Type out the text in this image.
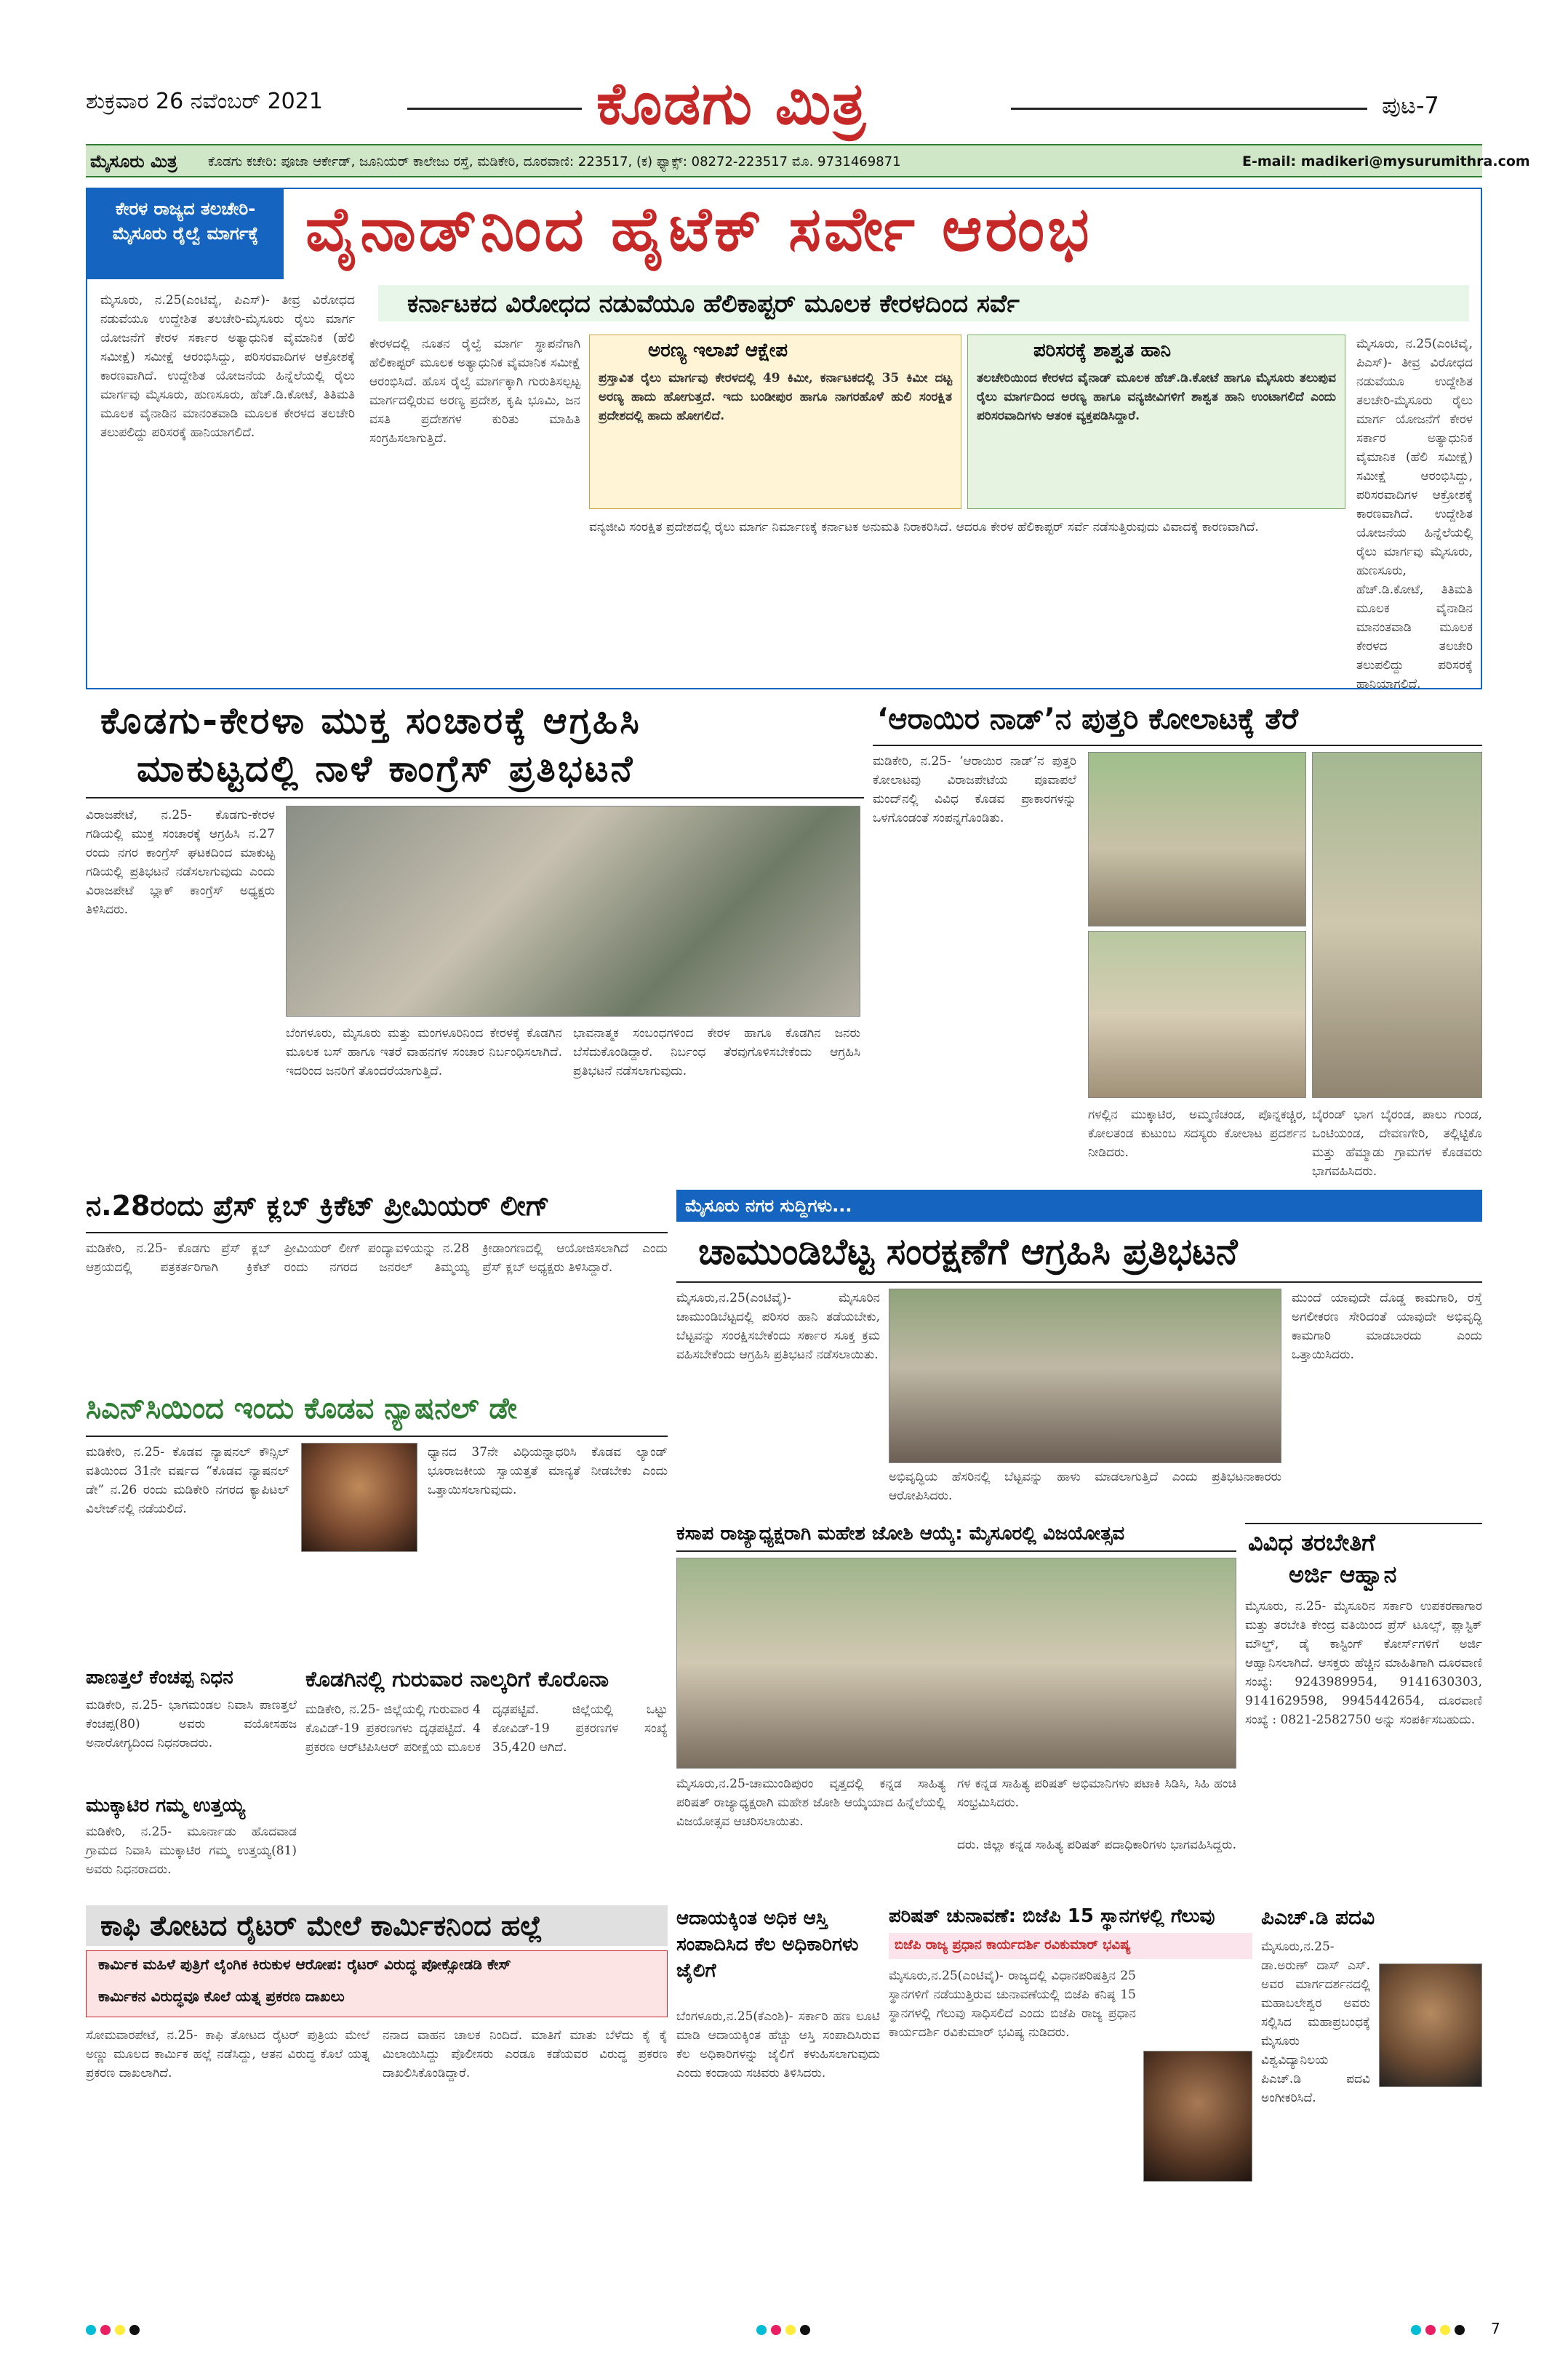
ಶುಕ್ರವಾರ 26 ನವೆಂಬರ್ 2021	ಕೊಡಗು ಮಿತ್ರ	ಪುಟ-7
ಮೈಸೂರು ಮಿತ್ರ ಕೊಡಗು ಕಚೇರಿ: ಪೂಜಾ ಆರ್ಕೇಡ್, ಜೂನಿಯರ್ ಕಾಲೇಜು ರಸ್ತೆ, ಮಡಿಕೇರಿ, ದೂರವಾಣಿ: 223517, (ಕ) ಫ್ಯಾಕ್ಸ್: 08272-223517 ಮೊ. 9731469871	E-mail: madikeri@mysurumithra.com
ಕೇರಳ ರಾಜ್ಯದ ತಲಚೇರಿ-ಮೈಸೂರು ರೈಲ್ವೆ ಮಾರ್ಗಕ್ಕೆ ವೈನಾಡ್‌ನಿಂದ ಹೈಟೆಕ್ ಸರ್ವೇ ಆರಂಭ
ಕರ್ನಾಟಕದ ವಿರೋಧದ ನಡುವೆಯೂ ಹೆಲಿಕಾಪ್ಟರ್ ಮೂಲಕ ಕೇರಳದಿಂದ ಸರ್ವೆ
ಮೈಸೂರು, ನ.25(ಎಂಟಿವೈ, ಪಿಎಸ್‌)- ತೀವ್ರ ವಿರೋಧದ ನಡುವೆಯೂ ಉದ್ದೇಶಿತ ತಲಚೇರಿ-ಮೈಸೂರು ರೈಲು ಮಾರ್ಗ ಯೋಜನೆಗೆ ಕೇರಳ ಸರ್ಕಾರ ಅತ್ಯಾಧುನಿಕ ವೈಮಾನಿಕ (ಹೆಲಿ ಸಮೀಕ್ಷೆ) ಸಮೀಕ್ಷೆ ಆರಂಭಿಸಿದ್ದು, ಪರಿಸರವಾದಿಗಳ ಆಕ್ರೋಶಕ್ಕೆ ಕಾರಣವಾಗಿದೆ. ಉದ್ದೇಶಿತ ಯೋಜನೆಯ ಹಿನ್ನೆಲೆಯಲ್ಲಿ ರೈಲು ಮಾರ್ಗವು ಮೈಸೂರು, ಹುಣಸೂರು, ಹೆಚ್.ಡಿ.ಕೋಟೆ, ತಿತಿಮತಿ ಮೂಲಕ ವೈನಾಡಿನ ಮಾನಂತವಾಡಿ ಮೂಲಕ ಕೇರಳದ ತಲಚೇರಿ ತಲುಪಲಿದ್ದು ಪರಿಸರಕ್ಕೆ ಹಾನಿಯಾಗಲಿದೆ.
ಕೇರಳದಲ್ಲಿ ನೂತನ ರೈಲ್ವೆ ಮಾರ್ಗ ಸ್ಥಾಪನೆಗಾಗಿ ಹೆಲಿಕಾಪ್ಟರ್ ಮೂಲಕ ಅತ್ಯಾಧುನಿಕ ವೈಮಾನಿಕ ಸಮೀಕ್ಷೆ ಆರಂಭಿಸಿದೆ. ಹೊಸ ರೈಲ್ವೆ ಮಾರ್ಗಕ್ಕಾಗಿ ಗುರುತಿಸಲ್ಪಟ್ಟ ಮಾರ್ಗದಲ್ಲಿರುವ ಅರಣ್ಯ ಪ್ರದೇಶ, ಕೃಷಿ ಭೂಮಿ, ಜನ ವಸತಿ ಪ್ರದೇಶಗಳ ಕುರಿತು ಮಾಹಿತಿ ಸಂಗ್ರಹಿಸಲಾಗುತ್ತಿದೆ.
ಅರಣ್ಯ ಇಲಾಖೆ ಆಕ್ಷೇಪ
ಪ್ರಸ್ತಾವಿತ ರೈಲು ಮಾರ್ಗವು ಕೇರಳದಲ್ಲಿ 49 ಕಿಮೀ, ಕರ್ನಾಟಕದಲ್ಲಿ 35 ಕಿಮೀ ದಟ್ಟ ಅರಣ್ಯ ಹಾದು ಹೋಗುತ್ತದೆ. ಇದು ಬಂಡೀಪುರ ಹಾಗೂ ನಾಗರಹೊಳೆ ಹುಲಿ ಸಂರಕ್ಷಿತ ಪ್ರದೇಶದಲ್ಲಿ ಹಾದು ಹೋಗಲಿದೆ.
ಪರಿಸರಕ್ಕೆ ಶಾಶ್ವತ ಹಾನಿ
ತಲಚೇರಿಯಿಂದ ಕೇರಳದ ವೈನಾಡ್ ಮೂಲಕ ಹೆಚ್.ಡಿ.ಕೋಟೆ ಹಾಗೂ ಮೈಸೂರು ತಲುಪುವ ರೈಲು ಮಾರ್ಗದಿಂದ ಅರಣ್ಯ ಹಾಗೂ ವನ್ಯಜೀವಿಗಳಿಗೆ ಶಾಶ್ವತ ಹಾನಿ ಉಂಟಾಗಲಿದೆ ಎಂದು ಪರಿಸರವಾದಿಗಳು ಆತಂಕ ವ್ಯಕ್ತಪಡಿಸಿದ್ದಾರೆ.
ವನ್ಯಜೀವಿ ಸಂರಕ್ಷಿತ ಪ್ರದೇಶದಲ್ಲಿ ರೈಲು ಮಾರ್ಗ ನಿರ್ಮಾಣಕ್ಕೆ ಕರ್ನಾಟಕ ಅನುಮತಿ ನಿರಾಕರಿಸಿದೆ. ಆದರೂ ಕೇರಳ ಹೆಲಿಕಾಪ್ಟರ್ ಸರ್ವೆ ನಡೆಸುತ್ತಿರುವುದು ವಿವಾದಕ್ಕೆ ಕಾರಣವಾಗಿದೆ.
ಮೈಸೂರು, ನ.25(ಎಂಟಿವೈ, ಪಿಎಸ್‌)- ತೀವ್ರ ವಿರೋಧದ ನಡುವೆಯೂ ಉದ್ದೇಶಿತ ತಲಚೇರಿ-ಮೈಸೂರು ರೈಲು ಮಾರ್ಗ ಯೋಜನೆಗೆ ಕೇರಳ ಸರ್ಕಾರ ಅತ್ಯಾಧುನಿಕ ವೈಮಾನಿಕ (ಹೆಲಿ ಸಮೀಕ್ಷೆ) ಸಮೀಕ್ಷೆ ಆರಂಭಿಸಿದ್ದು, ಪರಿಸರವಾದಿಗಳ ಆಕ್ರೋಶಕ್ಕೆ ಕಾರಣವಾಗಿದೆ. ಉದ್ದೇಶಿತ ಯೋಜನೆಯ ಹಿನ್ನೆಲೆಯಲ್ಲಿ ರೈಲು ಮಾರ್ಗವು ಮೈಸೂರು, ಹುಣಸೂರು, ಹೆಚ್.ಡಿ.ಕೋಟೆ, ತಿತಿಮತಿ ಮೂಲಕ ವೈನಾಡಿನ ಮಾನಂತವಾಡಿ ಮೂಲಕ ಕೇರಳದ ತಲಚೇರಿ ತಲುಪಲಿದ್ದು ಪರಿಸರಕ್ಕೆ ಹಾನಿಯಾಗಲಿದೆ.
ಕೊಡಗು-ಕೇರಳಾ ಮುಕ್ತ ಸಂಚಾರಕ್ಕೆ ಆಗ್ರಹಿಸಿ
ಮಾಕುಟ್ಟದಲ್ಲಿ ನಾಳೆ ಕಾಂಗ್ರೆಸ್ ಪ್ರತಿಭಟನೆ
ವಿರಾಜಪೇಟೆ, ನ.25- ಕೊಡಗು-ಕೇರಳ ಗಡಿಯಲ್ಲಿ ಮುಕ್ತ ಸಂಚಾರಕ್ಕೆ ಆಗ್ರಹಿಸಿ ನ.27 ರಂದು ನಗರ ಕಾಂಗ್ರೆಸ್ ಘಟಕದಿಂದ ಮಾಕುಟ್ಟ ಗಡಿಯಲ್ಲಿ ಪ್ರತಿಭಟನೆ ನಡೆಸಲಾಗುವುದು ಎಂದು ವಿರಾಜಪೇಟೆ ಬ್ಲಾಕ್ ಕಾಂಗ್ರೆಸ್ ಅಧ್ಯಕ್ಷರು ತಿಳಿಸಿದರು.
ಬೆಂಗಳೂರು, ಮೈಸೂರು ಮತ್ತು ಮಂಗಳೂರಿನಿಂದ ಕೇರಳಕ್ಕೆ ಕೊಡಗಿನ ಮೂಲಕ ಬಸ್ ಹಾಗೂ ಇತರೆ ವಾಹನಗಳ ಸಂಚಾರ ನಿರ್ಬಂಧಿಸಲಾಗಿದೆ. ಇದರಿಂದ ಜನರಿಗೆ ತೊಂದರೆಯಾಗುತ್ತಿದೆ.
ಭಾವನಾತ್ಮಕ ಸಂಬಂಧಗಳಿಂದ ಕೇರಳ ಹಾಗೂ ಕೊಡಗಿನ ಜನರು ಬೆಸೆದುಕೊಂಡಿದ್ದಾರೆ. ನಿರ್ಬಂಧ ತೆರವುಗೊಳಿಸಬೇಕೆಂದು ಆಗ್ರಹಿಸಿ ಪ್ರತಿಭಟನೆ ನಡೆಸಲಾಗುವುದು.
‘ಆರಾಯಿರ ನಾಡ್’ನ ಪುತ್ತರಿ ಕೋಲಾಟಕ್ಕೆ ತೆರೆ
ಮಡಿಕೇರಿ, ನ.25- ‘ಆರಾಯಿರ ನಾಡ್’ನ ಪುತ್ತರಿ ಕೋಲಾಟವು ವಿರಾಜಪೇಟೆಯ ಪೂವಾಪಲೆ ಮಂದ್‌ನಲ್ಲಿ ವಿವಿಧ ಕೊಡವ ಪ್ರಾಕಾರಗಳನ್ನು ಒಳಗೊಂಡಂತೆ ಸಂಪನ್ನಗೊಂಡಿತು.
ಗಳಲ್ಲಿನ ಮುಕ್ಕಾಟಿರ, ಅಮ್ಮಣಿಚಂಡ, ಪೊನ್ನಕಚ್ಚಿರ, ಕೋಲತಂಡ ಕುಟುಂಬ ಸದಸ್ಯರು ಕೋಲಾಟ ಪ್ರದರ್ಶನ ನೀಡಿದರು.
ಬೈರಂಡ್ ಭಾಗ ಬೈರಂಡ, ಪಾಲು ಗುಂಡ, ಒಂಟಿಯಂಡ, ದೇವಣಗೇರಿ, ತಲ್ಲಿಟ್ಟಿಕೊ ಮತ್ತು ಹೆಮ್ಮಾಡು ಗ್ರಾಮಗಳ ಕೊಡವರು ಭಾಗವಹಿಸಿದರು.
ನ.28ರಂದು ಪ್ರೆಸ್ ಕ್ಲಬ್ ಕ್ರಿಕೆಟ್ ಪ್ರೀಮಿಯರ್ ಲೀಗ್
ಮಡಿಕೇರಿ, ನ.25- ಕೊಡಗು ಪ್ರೆಸ್ ಕ್ಲಬ್ ಆಶ್ರಯದಲ್ಲಿ ಪತ್ರಕರ್ತರಿಗಾಗಿ ಕ್ರಿಕೆಟ್ ಪ್ರೀಮಿಯರ್ ಲೀಗ್ ಪಂದ್ಯಾವಳಿಯನ್ನು ನ.28 ರಂದು ನಗರದ ಜನರಲ್ ತಿಮ್ಮಯ್ಯ ಕ್ರೀಡಾಂಗಣದಲ್ಲಿ ಆಯೋಜಿಸಲಾಗಿದೆ ಎಂದು ಪ್ರೆಸ್ ಕ್ಲಬ್ ಅಧ್ಯಕ್ಷರು ತಿಳಿಸಿದ್ದಾರೆ.
ಸಿಎನ್‌ಸಿಯಿಂದ ಇಂದು ಕೊಡವ ನ್ಯಾಷನಲ್ ಡೇ
ಮಡಿಕೇರಿ, ನ.25- ಕೊಡವ ನ್ಯಾಷನಲ್ ಕೌನ್ಸಿಲ್ ವತಿಯಿಂದ 31ನೇ ವರ್ಷದ “ಕೊಡವ ನ್ಯಾಷನಲ್ ಡೇ” ನ.26 ರಂದು ಮಡಿಕೇರಿ ನಗರದ ಕ್ಯಾಪಿಟಲ್ ವಿಲೇಜ್‌ನಲ್ಲಿ ನಡೆಯಲಿದೆ.
ಧ್ಯಾನದ 37ನೇ ವಿಧಿಯನ್ನಾಧರಿಸಿ ಕೊಡವ ಲ್ಯಾಂಡ್ ಭೂರಾಜಕೀಯ ಸ್ವಾಯತ್ತತೆ ಮಾನ್ಯತೆ ನೀಡಬೇಕು ಎಂದು ಒತ್ತಾಯಿಸಲಾಗುವುದು.
ಪಾಣತ್ತಲೆ ಕೆಂಚಪ್ಪ ನಿಧನ
ಮಡಿಕೇರಿ, ನ.25- ಭಾಗಮಂಡಲ ನಿವಾಸಿ ಪಾಣತ್ತಲೆ ಕೆಂಚಪ್ಪ(80) ಅವರು ವಯೋಸಹಜ ಅನಾರೋಗ್ಯದಿಂದ ನಿಧನರಾದರು.
ಮುಕ್ಕಾಟಿರ ಗಮ್ಮ ಉತ್ತಯ್ಯ
ಮಡಿಕೇರಿ, ನ.25- ಮೂರ್ನಾಡು ಹೊದವಾಡ ಗ್ರಾಮದ ನಿವಾಸಿ ಮುಕ್ಕಾಟಿರ ಗಮ್ಮ ಉತ್ತಯ್ಯ(81) ಅವರು ನಿಧನರಾದರು.
ಕೊಡಗಿನಲ್ಲಿ ಗುರುವಾರ ನಾಲ್ಕರಿಗೆ ಕೊರೊನಾ
ಮಡಿಕೇರಿ, ನ.25- ಜಿಲ್ಲೆಯಲ್ಲಿ ಗುರುವಾರ 4 ಕೊವಿಡ್-19 ಪ್ರಕರಣಗಳು ದೃಢಪಟ್ಟಿದೆ. 4 ಪ್ರಕರಣ ಆರ್‌ಟಿಪಿಸಿಆರ್ ಪರೀಕ್ಷೆಯ ಮೂಲಕ ದೃಢಪಟ್ಟಿವೆ. ಜಿಲ್ಲೆಯಲ್ಲಿ ಒಟ್ಟು ಕೋವಿಡ್-19 ಪ್ರಕರಣಗಳ ಸಂಖ್ಯೆ 35,420 ಆಗಿದೆ.
ಮೈಸೂರು ನಗರ ಸುದ್ದಿಗಳು...
ಚಾಮುಂಡಿಬೆಟ್ಟ ಸಂರಕ್ಷಣೆಗೆ ಆಗ್ರಹಿಸಿ ಪ್ರತಿಭಟನೆ
ಮೈಸೂರು,ನ.25(ಎಂಟಿವೈ)- ಮೈಸೂರಿನ ಚಾಮುಂಡಿಬೆಟ್ಟದಲ್ಲಿ ಪರಿಸರ ಹಾನಿ ತಡೆಯಬೇಕು, ಬೆಟ್ಟವನ್ನು ಸಂರಕ್ಷಿಸಬೇಕೆಂದು ಸರ್ಕಾರ ಸೂಕ್ತ ಕ್ರಮ ವಹಿಸಬೇಕೆಂದು ಆಗ್ರಹಿಸಿ ಪ್ರತಿಭಟನೆ ನಡೆಸಲಾಯಿತು.
ಅಭಿವೃದ್ಧಿಯ ಹೆಸರಿನಲ್ಲಿ ಬೆಟ್ಟವನ್ನು ಹಾಳು ಮಾಡಲಾಗುತ್ತಿದೆ ಎಂದು ಪ್ರತಿಭಟನಾಕಾರರು ಆರೋಪಿಸಿದರು.
ಮುಂದೆ ಯಾವುದೇ ದೊಡ್ಡ ಕಾಮಗಾರಿ, ರಸ್ತೆ ಅಗಲೀಕರಣ ಸೇರಿದಂತೆ ಯಾವುದೇ ಅಭಿವೃದ್ಧಿ ಕಾಮಗಾರಿ ಮಾಡಬಾರದು ಎಂದು ಒತ್ತಾಯಿಸಿದರು.
ಕಸಾಪ ರಾಜ್ಯಾಧ್ಯಕ್ಷರಾಗಿ ಮಹೇಶ ಜೋಶಿ ಆಯ್ಕೆ: ಮೈಸೂರಲ್ಲಿ ವಿಜಯೋತ್ಸವ
ಮೈಸೂರು,ನ.25-ಚಾಮುಂಡಿಪುರಂ ವೃತ್ತದಲ್ಲಿ ಕನ್ನಡ ಸಾಹಿತ್ಯ ಪರಿಷತ್ ರಾಜ್ಯಾಧ್ಯಕ್ಷರಾಗಿ ಮಹೇಶ ಜೋಶಿ ಆಯ್ಕೆಯಾದ ಹಿನ್ನೆಲೆಯಲ್ಲಿ ವಿಜಯೋತ್ಸವ ಆಚರಿಸಲಾಯಿತು.
ಗಳ ಕನ್ನಡ ಸಾಹಿತ್ಯ ಪರಿಷತ್ ಅಭಿಮಾನಿಗಳು ಪಟಾಕಿ ಸಿಡಿಸಿ, ಸಿಹಿ ಹಂಚಿ ಸಂಭ್ರಮಿಸಿದರು.
ದರು. ಜಿಲ್ಲಾ ಕನ್ನಡ ಸಾಹಿತ್ಯ ಪರಿಷತ್ ಪದಾಧಿಕಾರಿಗಳು ಭಾಗವಹಿಸಿದ್ದರು.
ವಿವಿಧ ತರಬೇತಿಗೆ
ಅರ್ಜಿ ಆಹ್ವಾನ
ಮೈಸೂರು, ನ.25- ಮೈಸೂರಿನ ಸರ್ಕಾರಿ ಉಪಕರಣಾಗಾರ ಮತ್ತು ತರಬೇತಿ ಕೇಂದ್ರ ವತಿಯಿಂದ ಪ್ರೆಸ್ ಟೂಲ್ಸ್, ಪ್ಲಾಸ್ಟಿಕ್ ಮೌಲ್ಡ್, ಡೈ ಕಾಸ್ಟಿಂಗ್ ಕೋರ್ಸ್‌ಗಳಿಗೆ ಅರ್ಜಿ ಆಹ್ವಾನಿಸಲಾಗಿದೆ. ಆಸಕ್ತರು ಹೆಚ್ಚಿನ ಮಾಹಿತಿಗಾಗಿ ದೂರವಾಣಿ ಸಂಖ್ಯೆ: 9243989954, 9141630303, 9141629598, 9945442654, ದೂರವಾಣಿ ಸಂಖ್ಯೆ : 0821-2582750 ಅನ್ನು ಸಂಪರ್ಕಿಸಬಹುದು.
ಕಾಫಿ ತೋಟದ ರೈಟರ್ ಮೇಲೆ ಕಾರ್ಮಿಕನಿಂದ ಹಲ್ಲೆ
ಕಾರ್ಮಿಕ ಮಹಿಳೆ ಪುತ್ರಿಗೆ ಲೈಂಗಿಕ ಕಿರುಕುಳ ಆರೋಪ: ರೈಟರ್ ವಿರುದ್ಧ ಪೋಕ್ಸೋಡಡಿ ಕೇಸ್
ಕಾರ್ಮಿಕನ ವಿರುದ್ಧವೂ ಕೊಲೆ ಯತ್ನ ಪ್ರಕರಣ ದಾಖಲು
ಸೋಮವಾರಪೇಟೆ, ನ.25- ಕಾಫಿ ತೋಟದ ರೈಟರ್ ಪುತ್ರಿಯ ಮೇಲೆ ಅಣ್ಣು ಮೂಲದ ಕಾರ್ಮಿಕ ಹಲ್ಲೆ ನಡೆಸಿದ್ದು, ಆತನ ವಿರುದ್ಧ ಕೊಲೆ ಯತ್ನ ಪ್ರಕರಣ ದಾಖಲಾಗಿದೆ.
ನನಾದ ವಾಹನ ಚಾಲಕ ನಿಂದಿದೆ. ಮಾತಿಗೆ ಮಾತು ಬೆಳೆದು ಕೈ ಕೈ ಮಿಲಾಯಿಸಿದ್ದು ಪೊಲೀಸರು ಎರಡೂ ಕಡೆಯವರ ವಿರುದ್ಧ ಪ್ರಕರಣ ದಾಖಲಿಸಿಕೊಂಡಿದ್ದಾರೆ.
ಆದಾಯಕ್ಕಿಂತ ಅಧಿಕ ಆಸ್ತಿ ಸಂಪಾದಿಸಿದ ಕೆಲ ಅಧಿಕಾರಿಗಳು ಜೈಲಿಗೆ
ಬೆಂಗಳೂರು,ನ.25(ಕೆಎಂಶಿ)- ಸರ್ಕಾರಿ ಹಣ ಲೂಟಿ ಮಾಡಿ ಆದಾಯಕ್ಕಿಂತ ಹೆಚ್ಚು ಆಸ್ತಿ ಸಂಪಾದಿಸಿರುವ ಕೆಲ ಅಧಿಕಾರಿಗಳನ್ನು ಜೈಲಿಗೆ ಕಳುಹಿಸಲಾಗುವುದು ಎಂದು ಕಂದಾಯ ಸಚಿವರು ತಿಳಿಸಿದರು.
ಪರಿಷತ್ ಚುನಾವಣೆ: ಬಿಜೆಪಿ 15 ಸ್ಥಾನಗಳಲ್ಲಿ ಗೆಲುವು
ಬಿಜೆಪಿ ರಾಜ್ಯ ಪ್ರಧಾನ ಕಾರ್ಯದರ್ಶಿ ರವಿಕುಮಾರ್ ಭವಿಷ್ಯ
ಮೈಸೂರು,ನ.25(ಎಂಟಿವೈ)- ರಾಜ್ಯದಲ್ಲಿ ವಿಧಾನಪರಿಷತ್ತಿನ 25 ಸ್ಥಾನಗಳಿಗೆ ನಡೆಯುತ್ತಿರುವ ಚುನಾವಣೆಯಲ್ಲಿ ಬಿಜೆಪಿ ಕನಿಷ್ಠ 15 ಸ್ಥಾನಗಳಲ್ಲಿ ಗೆಲುವು ಸಾಧಿಸಲಿದೆ ಎಂದು ಬಿಜೆಪಿ ರಾಜ್ಯ ಪ್ರಧಾನ ಕಾರ್ಯದರ್ಶಿ ರವಿಕುಮಾರ್ ಭವಿಷ್ಯ ನುಡಿದರು.
ಪಿಎಚ್.ಡಿ ಪದವಿ
ಮೈಸೂರು,ನ.25- ಡಾ.ಅರುಣ್ ದಾಸ್ ಎಸ್. ಅವರ ಮಾರ್ಗದರ್ಶನದಲ್ಲಿ ಮಹಾಬಲೇಶ್ವರ ಅವರು ಸಲ್ಲಿಸಿದ ಮಹಾಪ್ರಬಂಧಕ್ಕೆ ಮೈಸೂರು ವಿಶ್ವವಿದ್ಯಾನಿಲಯ ಪಿಎಚ್.ಡಿ ಪದವಿ ಅಂಗೀಕರಿಸಿದೆ.
7
